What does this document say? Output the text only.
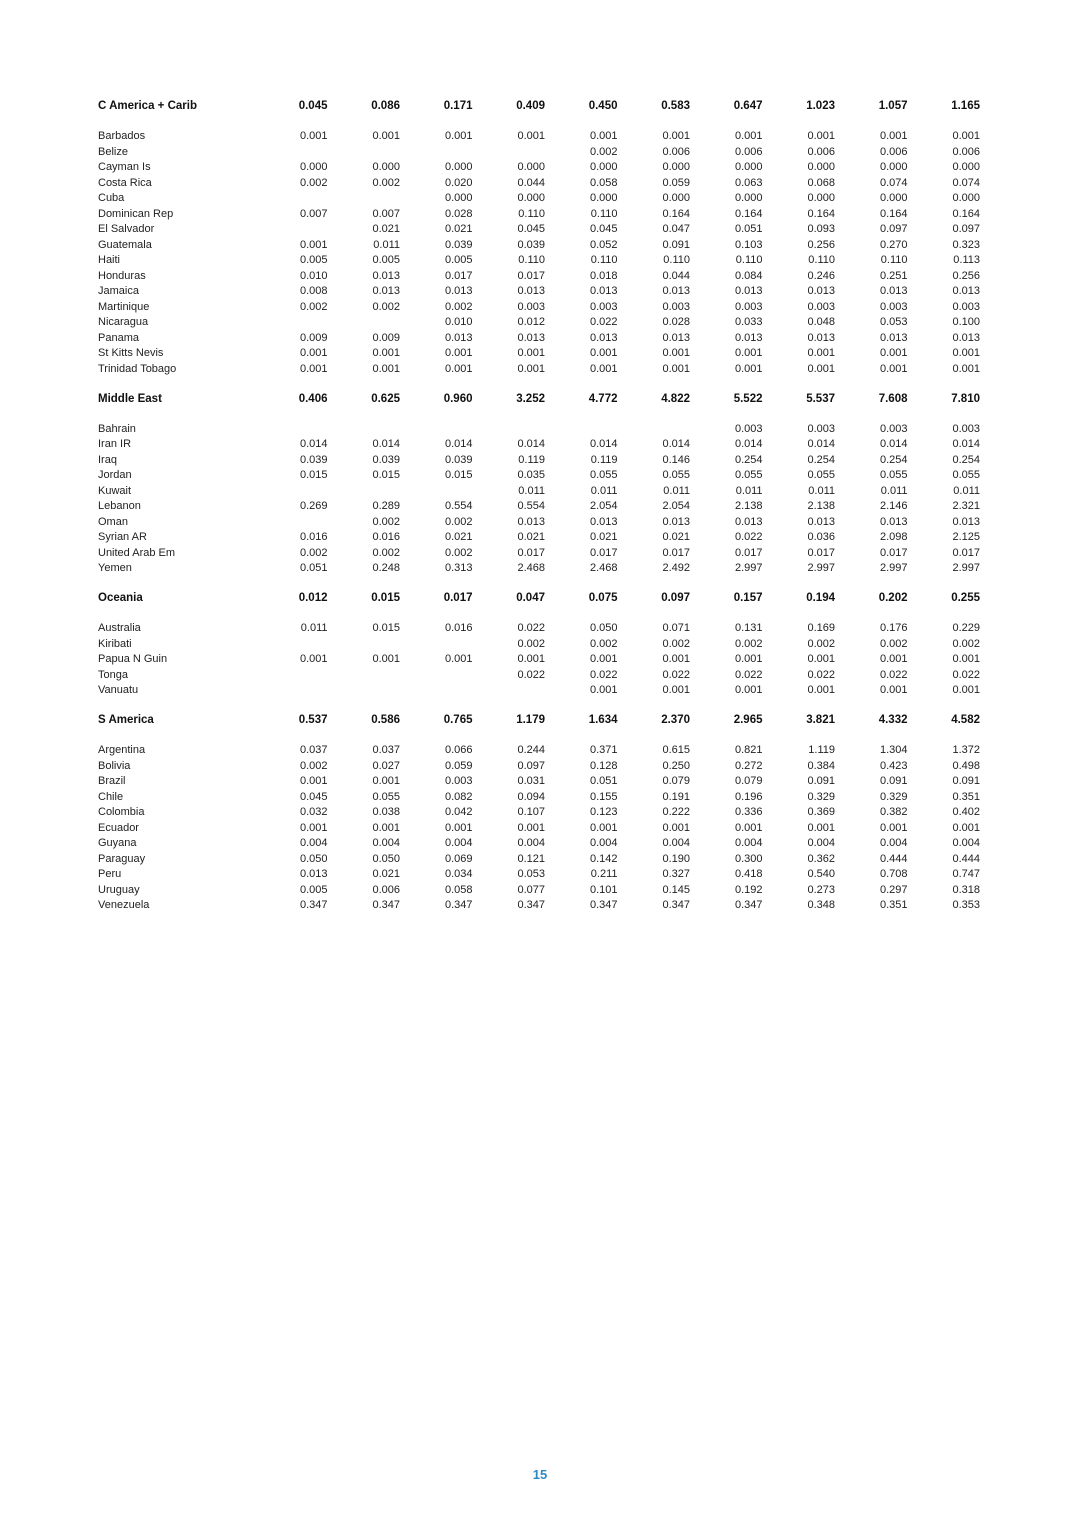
C America + Carib	0.045	0.086	0.171	0.409	0.450	0.583	0.647	1.023	1.057	1.165

Barbados	0.001	0.001	0.001	0.001	0.001	0.001	0.001	0.001	0.001	0.001
Belize					0.002	0.006	0.006	0.006	0.006	0.006
Cayman Is	0.000	0.000	0.000	0.000	0.000	0.000	0.000	0.000	0.000	0.000
Costa Rica	0.002	0.002	0.020	0.044	0.058	0.059	0.063	0.068	0.074	0.074
Cuba			0.000	0.000	0.000	0.000	0.000	0.000	0.000	0.000
Dominican Rep	0.007	0.007	0.028	0.110	0.110	0.164	0.164	0.164	0.164	0.164
El Salvador		0.021	0.021	0.045	0.045	0.047	0.051	0.093	0.097	0.097
Guatemala	0.001	0.011	0.039	0.039	0.052	0.091	0.103	0.256	0.270	0.323
Haiti	0.005	0.005	0.005	0.110	0.110	0.110	0.110	0.110	0.110	0.113
Honduras	0.010	0.013	0.017	0.017	0.018	0.044	0.084	0.246	0.251	0.256
Jamaica	0.008	0.013	0.013	0.013	0.013	0.013	0.013	0.013	0.013	0.013
Martinique	0.002	0.002	0.002	0.003	0.003	0.003	0.003	0.003	0.003	0.003
Nicaragua			0.010	0.012	0.022	0.028	0.033	0.048	0.053	0.100
Panama	0.009	0.009	0.013	0.013	0.013	0.013	0.013	0.013	0.013	0.013
St Kitts Nevis	0.001	0.001	0.001	0.001	0.001	0.001	0.001	0.001	0.001	0.001
Trinidad Tobago	0.001	0.001	0.001	0.001	0.001	0.001	0.001	0.001	0.001	0.001

Middle East	0.406	0.625	0.960	3.252	4.772	4.822	5.522	5.537	7.608	7.810

Bahrain							0.003	0.003	0.003	0.003
Iran IR	0.014	0.014	0.014	0.014	0.014	0.014	0.014	0.014	0.014	0.014
Iraq	0.039	0.039	0.039	0.119	0.119	0.146	0.254	0.254	0.254	0.254
Jordan	0.015	0.015	0.015	0.035	0.055	0.055	0.055	0.055	0.055	0.055
Kuwait				0.011	0.011	0.011	0.011	0.011	0.011	0.011
Lebanon	0.269	0.289	0.554	0.554	2.054	2.054	2.138	2.138	2.146	2.321
Oman		0.002	0.002	0.013	0.013	0.013	0.013	0.013	0.013	0.013
Syrian AR	0.016	0.016	0.021	0.021	0.021	0.021	0.022	0.036	2.098	2.125
United Arab Em	0.002	0.002	0.002	0.017	0.017	0.017	0.017	0.017	0.017	0.017
Yemen	0.051	0.248	0.313	2.468	2.468	2.492	2.997	2.997	2.997	2.997

Oceania	0.012	0.015	0.017	0.047	0.075	0.097	0.157	0.194	0.202	0.255

Australia	0.011	0.015	0.016	0.022	0.050	0.071	0.131	0.169	0.176	0.229
Kiribati				0.002	0.002	0.002	0.002	0.002	0.002	0.002
Papua N Guin	0.001	0.001	0.001	0.001	0.001	0.001	0.001	0.001	0.001	0.001
Tonga				0.022	0.022	0.022	0.022	0.022	0.022	0.022
Vanuatu					0.001	0.001	0.001	0.001	0.001	0.001

S America	0.537	0.586	0.765	1.179	1.634	2.370	2.965	3.821	4.332	4.582

Argentina	0.037	0.037	0.066	0.244	0.371	0.615	0.821	1.119	1.304	1.372
Bolivia	0.002	0.027	0.059	0.097	0.128	0.250	0.272	0.384	0.423	0.498
Brazil	0.001	0.001	0.003	0.031	0.051	0.079	0.079	0.091	0.091	0.091
Chile	0.045	0.055	0.082	0.094	0.155	0.191	0.196	0.329	0.329	0.351
Colombia	0.032	0.038	0.042	0.107	0.123	0.222	0.336	0.369	0.382	0.402
Ecuador	0.001	0.001	0.001	0.001	0.001	0.001	0.001	0.001	0.001	0.001
Guyana	0.004	0.004	0.004	0.004	0.004	0.004	0.004	0.004	0.004	0.004
Paraguay	0.050	0.050	0.069	0.121	0.142	0.190	0.300	0.362	0.444	0.444
Peru	0.013	0.021	0.034	0.053	0.211	0.327	0.418	0.540	0.708	0.747
Uruguay	0.005	0.006	0.058	0.077	0.101	0.145	0.192	0.273	0.297	0.318
Venezuela	0.347	0.347	0.347	0.347	0.347	0.347	0.347	0.348	0.351	0.353
15
